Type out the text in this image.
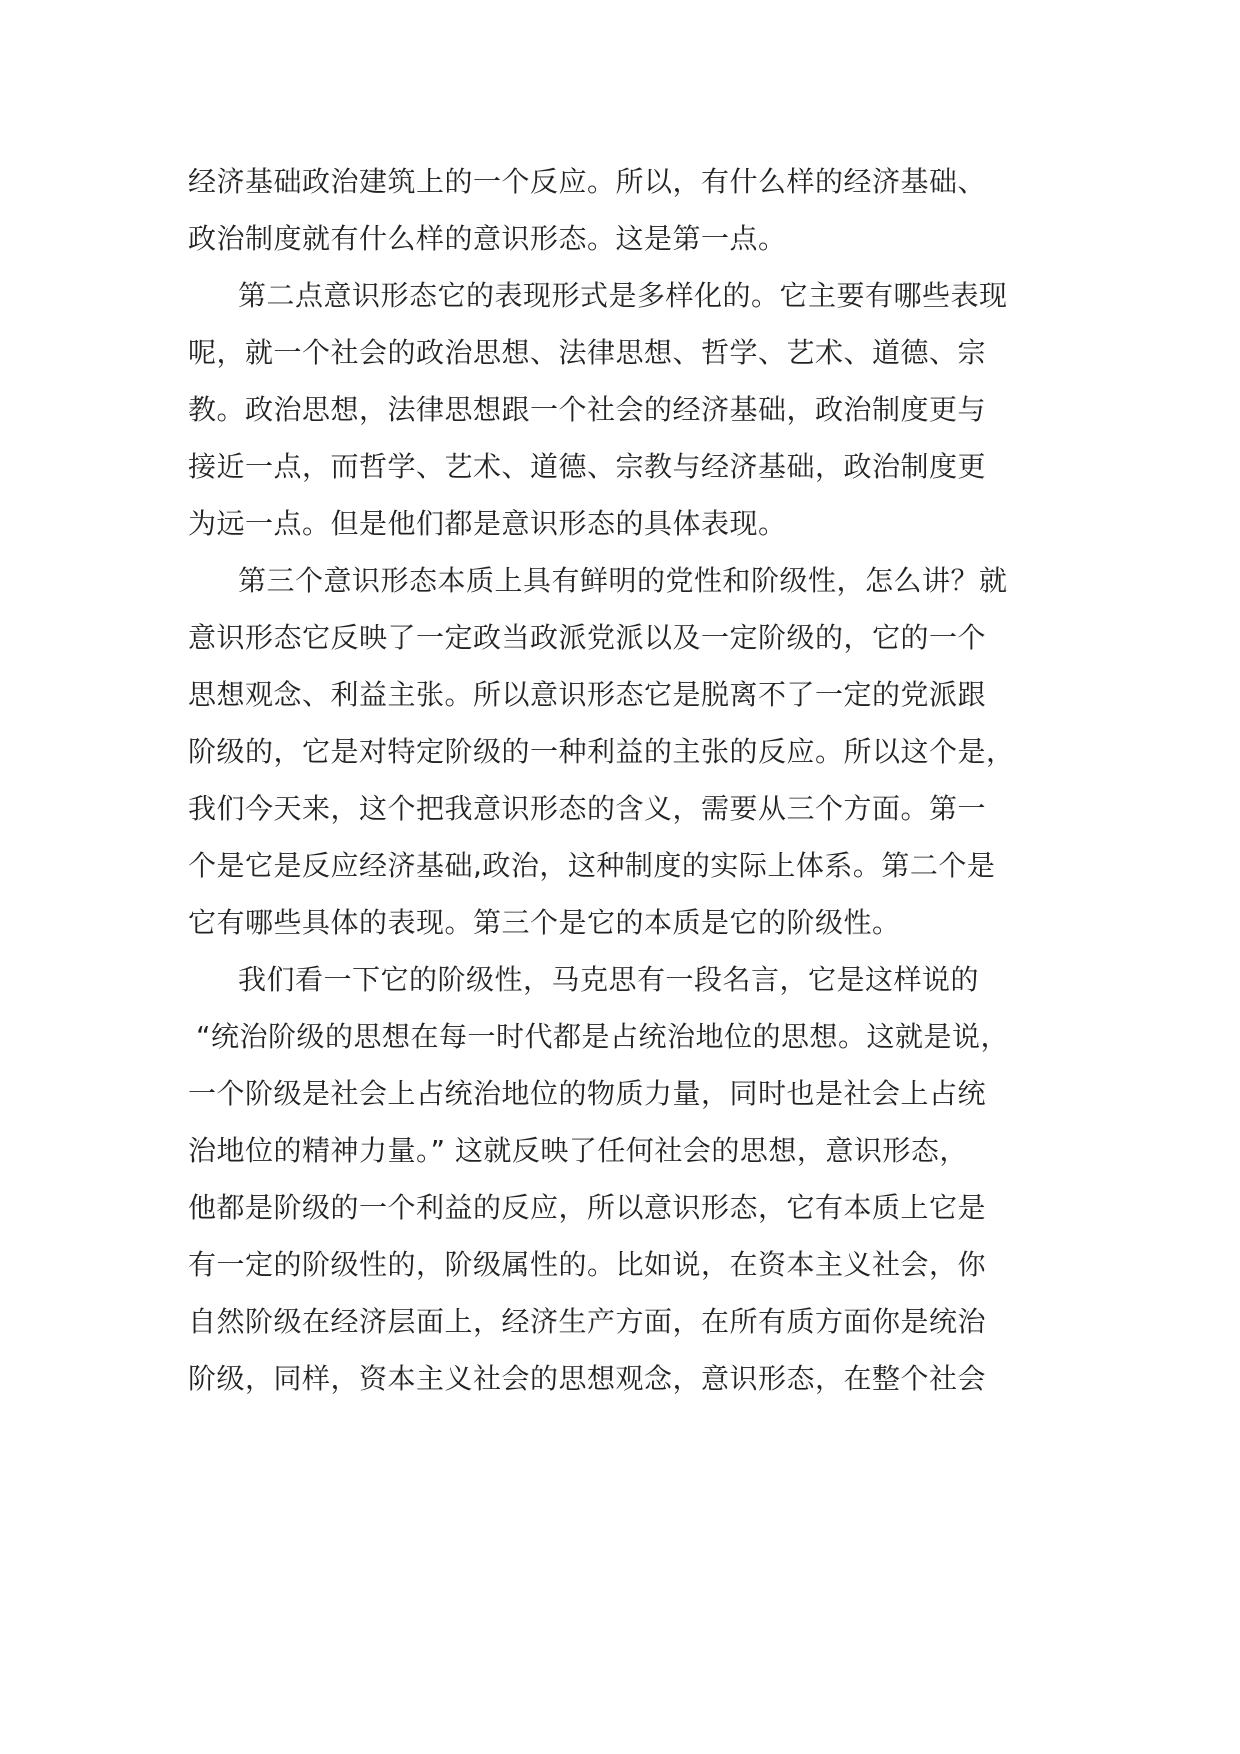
经济基础政治建筑上的一个反应。所以，有什么样的经济基础、
政治制度就有什么样的意识形态。这是第一点。
第二点意识形态它的表现形式是多样化的。它主要有哪些表现
呢，就一个社会的政治思想、法律思想、哲学、艺术、道德、宗
教。政治思想，法律思想跟一个社会的经济基础，政治制度更与
接近一点，而哲学、艺术、道德、宗教与经济基础，政治制度更
为远一点。但是他们都是意识形态的具体表现。
第三个意识形态本质上具有鲜明的党性和阶级性，怎么讲？就
意识形态它反映了一定政当政派党派以及一定阶级的，它的一个
思想观念、利益主张。所以意识形态它是脱离不了一定的党派跟
阶级的，它是对特定阶级的一种利益的主张的反应。所以这个是，
我们今天来，这个把我意识形态的含义，需要从三个方面。第一
个是它是反应经济基础,政治，这种制度的实际上体系。第二个是
它有哪些具体的表现。第三个是它的本质是它的阶级性。
我们看一下它的阶级性，马克思有一段名言，它是这样说的
“统治阶级的思想在每一时代都是占统治地位的思想。这就是说，
一个阶级是社会上占统治地位的物质力量，同时也是社会上占统
治地位的精神力量。” 这就反映了任何社会的思想，意识形态，
他都是阶级的一个利益的反应，所以意识形态，它有本质上它是
有一定的阶级性的，阶级属性的。比如说，在资本主义社会，你
自然阶级在经济层面上，经济生产方面，在所有质方面你是统治
阶级，同样，资本主义社会的思想观念，意识形态，在整个社会
